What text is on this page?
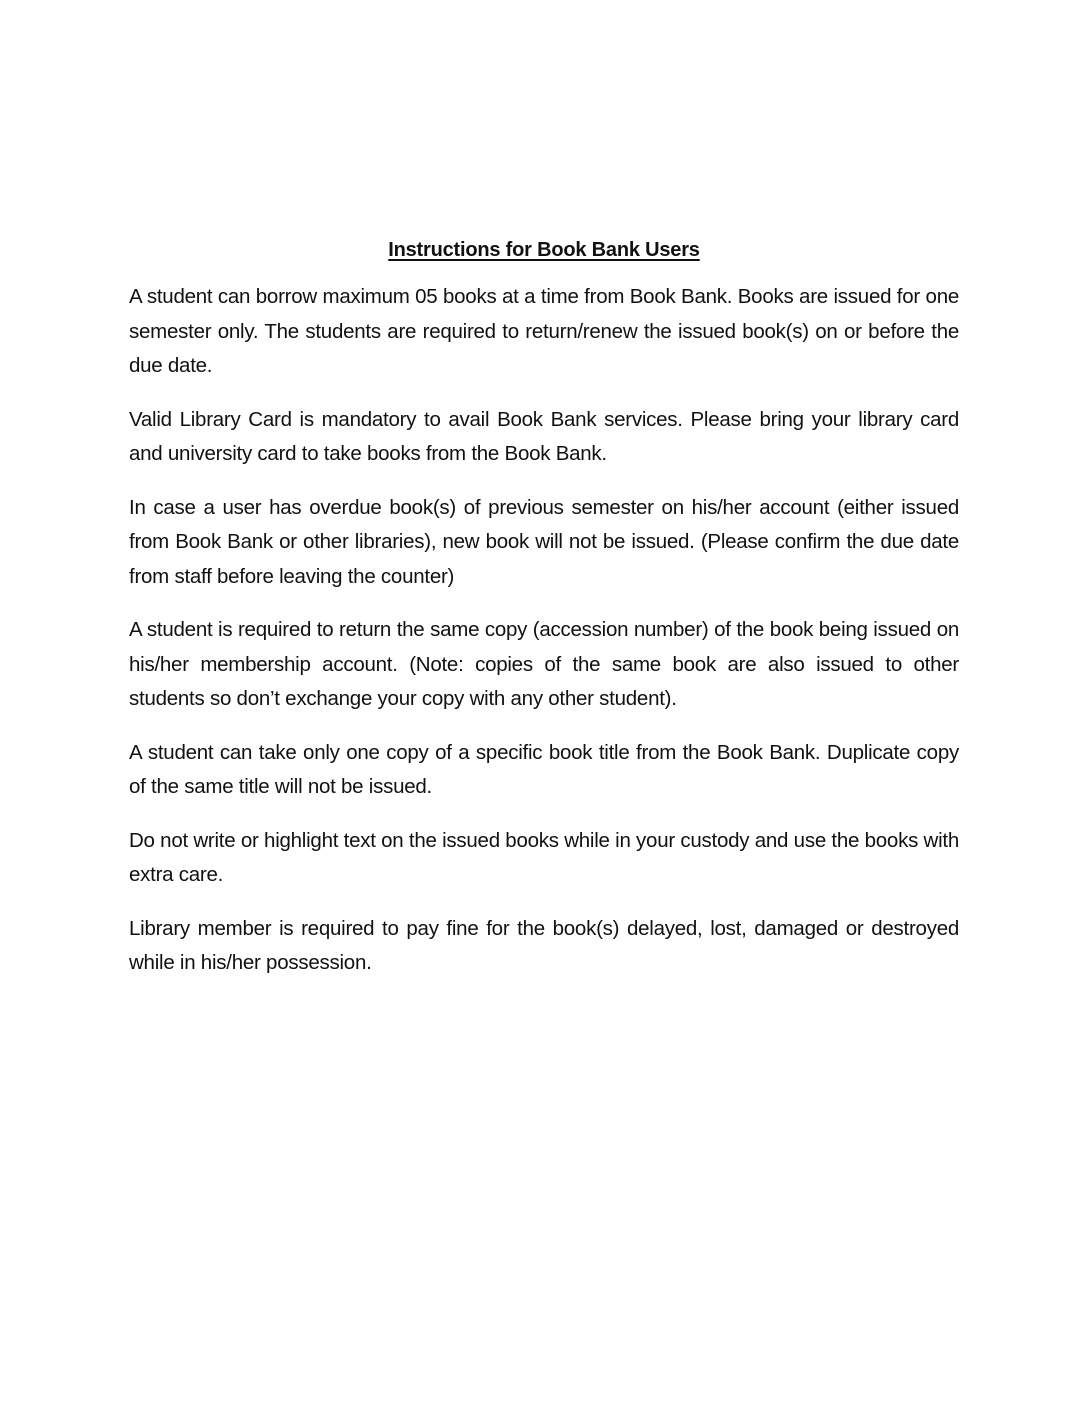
Instructions for Book Bank Users

A student can borrow maximum 05 books at a time from Book Bank. Books are issued for one semester only. The students are required to return/renew the issued book(s) on or before the due date.

Valid Library Card is mandatory to avail Book Bank services. Please bring your library card and university card to take books from the Book Bank.

In case a user has overdue book(s) of previous semester on his/her account (either issued from Book Bank or other libraries), new book will not be issued. (Please confirm the due date from staff before leaving the counter)

A student is required to return the same copy (accession number) of the book being issued on his/her membership account. (Note: copies of the same book are also issued to other students so don’t exchange your copy with any other student).

A student can take only one copy of a specific book title from the Book Bank. Duplicate copy of the same title will not be issued.

Do not write or highlight text on the issued books while in your custody and use the books with extra care.

Library member is required to pay fine for the book(s) delayed, lost, damaged or destroyed while in his/her possession.
